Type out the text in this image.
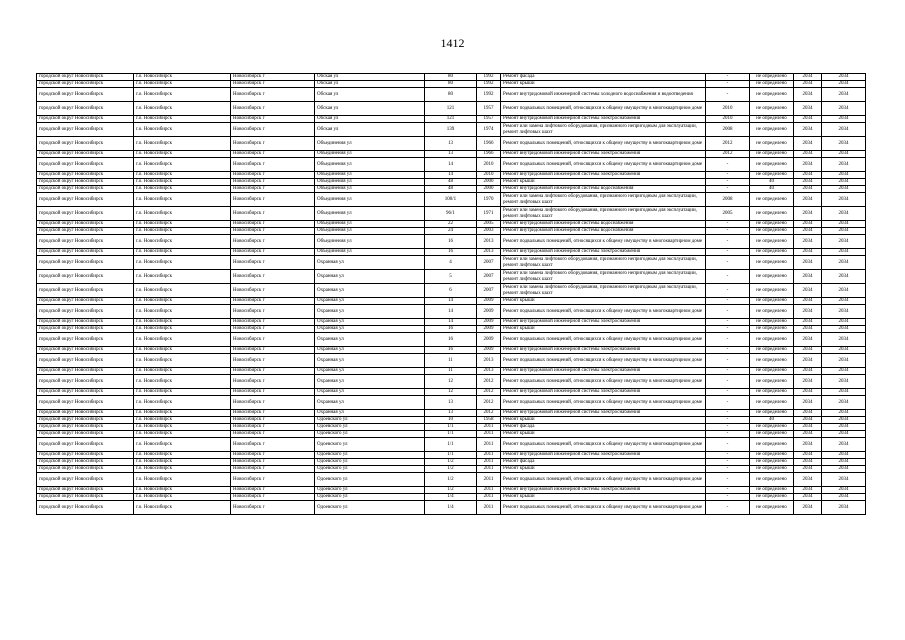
1412
городской округ Новосибирск	г.о. Новосибирск	Новосибирск г	Обская ул	80	1992	Ремонт фасада	-	не определено	2034	2034
городской округ Новосибирск	г.о. Новосибирск	Новосибирск г	Обская ул	80	1992	Ремонт крыши	-	не определено	2034	2034
городской округ Новосибирск	г.о. Новосибирск	Новосибирск г	Обская ул	80	1992	Ремонт внутридомовой инженерной системы холодного водоснабжения и водоотведения	-	не определено	2034	2034
городской округ Новосибирск	г.о. Новосибирск	Новосибирск г	Обская ул	121	1957	Ремонт подвальных помещений, относящихся к общему имуществу в многоквартирном доме	2010	не определено	2034	2034
городской округ Новосибирск	г.о. Новосибирск	Новосибирск г	Обская ул	121	1957	Ремонт внутридомовой инженерной системы электроснабжения	2010	не определено	2034	2034
городской округ Новосибирск	г.о. Новосибирск	Новосибирск г	Обская ул	139	1974	Ремонт или замена лифтового оборудования, признанного непригодным для эксплуатации, ремонт лифтовых шахт	2008	не определено	2034	2034
городской округ Новосибирск	г.о. Новосибирск	Новосибирск г	Объединения ул	13	1966	Ремонт подвальных помещений, относящихся к общему имуществу в многоквартирном доме	2012	не определено	2034	2034
городской округ Новосибирск	г.о. Новосибирск	Новосибирск г	Объединения ул	13	1966	Ремонт внутридомовой инженерной системы электроснабжения	2012	не определено	2034	2034
городской округ Новосибирск	г.о. Новосибирск	Новосибирск г	Объединения ул	14	2010	Ремонт подвальных помещений, относящихся к общему имуществу в многоквартирном доме	-	не определено	2034	2034
городской округ Новосибирск	г.о. Новосибирск	Новосибирск г	Объединения ул	14	2010	Ремонт внутридомовой инженерной системы электроснабжения	-	не определено	2034	2034
городской округ Новосибирск	г.о. Новосибирск	Новосибирск г	Объединения ул	48	2000	Ремонт крыши	-	40	2034	2034
городской округ Новосибирск	г.о. Новосибирск	Новосибирск г	Объединения ул	48	2000	Ремонт внутридомовой инженерной системы водоснабжения	-	40	2034	2034
городской округ Новосибирск	г.о. Новосибирск	Новосибирск г	Объединения ул	100/1	1970	Ремонт или замена лифтового оборудования, признанного непригодным для эксплуатации, ремонт лифтовых шахт	2008	не определено	2034	2034
городской округ Новосибирск	г.о. Новосибирск	Новосибирск г	Объединения ул	96/1	1971	Ремонт или замена лифтового оборудования, признанного непригодным для эксплуатации, ремонт лифтовых шахт	2005	не определено	2034	2034
городской округ Новосибирск	г.о. Новосибирск	Новосибирск г	Объединения ул	22	2005	Ремонт внутридомовой инженерной системы водоснабжения	-	не определено	2034	2034
городской округ Новосибирск	г.о. Новосибирск	Новосибирск г	Объединения ул	24	2003	Ремонт внутридомовой инженерной системы водоснабжения	-	не определено	2034	2034
городской округ Новосибирск	г.о. Новосибирск	Новосибирск г	Объединения ул	16	2013	Ремонт подвальных помещений, относящихся к общему имуществу в многоквартирном доме	-	не определено	2034	2034
городской округ Новосибирск	г.о. Новосибирск	Новосибирск г	Объединения ул	16	2013	Ремонт внутридомовой инженерной системы электроснабжения	-	не определено	2034	2034
городской округ Новосибирск	г.о. Новосибирск	Новосибирск г	Охранная ул	4	2007	Ремонт или замена лифтового оборудования, признанного непригодным для эксплуатации, ремонт лифтовых шахт	-	не определено	2034	2034
городской округ Новосибирск	г.о. Новосибирск	Новосибирск г	Охранная ул	5	2007	Ремонт или замена лифтового оборудования, признанного непригодным для эксплуатации, ремонт лифтовых шахт	-	не определено	2034	2034
городской округ Новосибирск	г.о. Новосибирск	Новосибирск г	Охранная ул	6	2007	Ремонт или замена лифтового оборудования, признанного непригодным для эксплуатации, ремонт лифтовых шахт	-	не определено	2034	2034
городской округ Новосибирск	г.о. Новосибирск	Новосибирск г	Охранная ул	14	2009	Ремонт крыши	-	не определено	2034	2034
городской округ Новосибирск	г.о. Новосибирск	Новосибирск г	Охранная ул	14	2009	Ремонт подвальных помещений, относящихся к общему имуществу в многоквартирном доме	-	не определено	2034	2034
городской округ Новосибирск	г.о. Новосибирск	Новосибирск г	Охранная ул	14	2009	Ремонт внутридомовой инженерной системы электроснабжения	-	не определено	2034	2034
городской округ Новосибирск	г.о. Новосибирск	Новосибирск г	Охранная ул	16	2009	Ремонт крыши	-	не определено	2034	2034
городской округ Новосибирск	г.о. Новосибирск	Новосибирск г	Охранная ул	16	2009	Ремонт подвальных помещений, относящихся к общему имуществу в многоквартирном доме	-	не определено	2034	2034
городской округ Новосибирск	г.о. Новосибирск	Новосибирск г	Охранная ул	16	2009	Ремонт внутридомовой инженерной системы электроснабжения	-	не определено	2034	2034
городской округ Новосибирск	г.о. Новосибирск	Новосибирск г	Охранная ул	11	2013	Ремонт подвальных помещений, относящихся к общему имуществу в многоквартирном доме	-	не определено	2034	2034
городской округ Новосибирск	г.о. Новосибирск	Новосибирск г	Охранная ул	11	2013	Ремонт внутридомовой инженерной системы электроснабжения	-	не определено	2034	2034
городской округ Новосибирск	г.о. Новосибирск	Новосибирск г	Охранная ул	12	2012	Ремонт подвальных помещений, относящихся к общему имуществу в многоквартирном доме	-	не определено	2034	2034
городской округ Новосибирск	г.о. Новосибирск	Новосибирск г	Охранная ул	12	2012	Ремонт внутридомовой инженерной системы электроснабжения	-	не определено	2034	2034
городской округ Новосибирск	г.о. Новосибирск	Новосибирск г	Охранная ул	13	2012	Ремонт подвальных помещений, относящихся к общему имуществу в многоквартирном доме	-	не определено	2034	2034
городской округ Новосибирск	г.о. Новосибирск	Новосибирск г	Охранная ул	13	2012	Ремонт внутридомовой инженерной системы электроснабжения	-	не определено	2034	2034
городской округ Новосибирск	г.о. Новосибирск	Новосибирск г	Одоевского ул	10	1958	Ремонт крыши	-	40	2034	2034
городской округ Новосибирск	г.о. Новосибирск	Новосибирск г	Одоевского ул	1/1	2011	Ремонт фасада	-	не определено	2034	2034
городской округ Новосибирск	г.о. Новосибирск	Новосибирск г	Одоевского ул	1/1	2011	Ремонт крыши	-	не определено	2034	2034
городской округ Новосибирск	г.о. Новосибирск	Новосибирск г	Одоевского ул	1/1	2011	Ремонт подвальных помещений, относящихся к общему имуществу в многоквартирном доме	-	не определено	2034	2034
городской округ Новосибирск	г.о. Новосибирск	Новосибирск г	Одоевского ул	1/1	2011	Ремонт внутридомовой инженерной системы электроснабжения	-	не определено	2034	2034
городской округ Новосибирск	г.о. Новосибирск	Новосибирск г	Одоевского ул	1/2	2011	Ремонт фасада	-	не определено	2034	2034
городской округ Новосибирск	г.о. Новосибирск	Новосибирск г	Одоевского ул	1/2	2011	Ремонт крыши	-	не определено	2034	2034
городской округ Новосибирск	г.о. Новосибирск	Новосибирск г	Одоевского ул	1/2	2011	Ремонт подвальных помещений, относящихся к общему имуществу в многоквартирном доме	-	не определено	2034	2034
городской округ Новосибирск	г.о. Новосибирск	Новосибирск г	Одоевского ул	1/2	2011	Ремонт внутридомовой инженерной системы электроснабжения	-	не определено	2034	2034
городской округ Новосибирск	г.о. Новосибирск	Новосибирск г	Одоевского ул	1/4	2011	Ремонт крыши	-	не определено	2034	2034
городской округ Новосибирск	г.о. Новосибирск	Новосибирск г	Одоевского ул	1/4	2011	Ремонт подвальных помещений, относящихся к общему имуществу в многоквартирном доме	-	не определено	2034	2034
